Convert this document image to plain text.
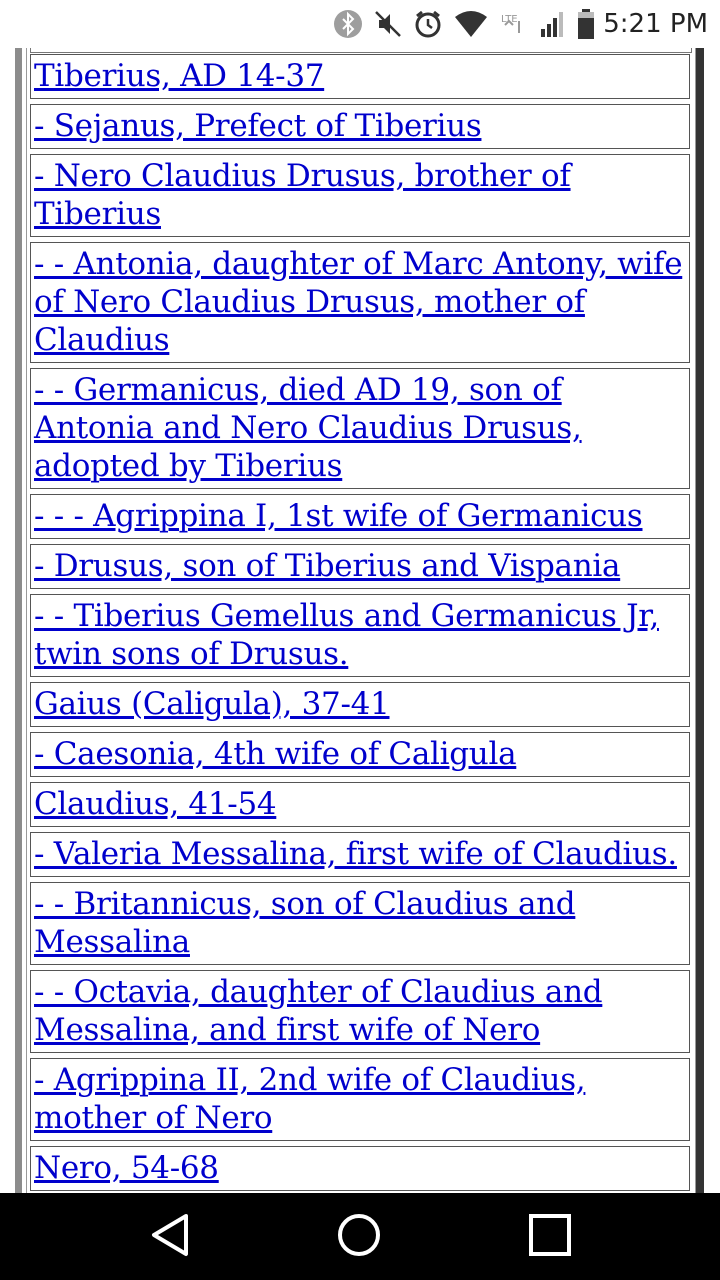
LTE	5:21 PM
Tiberius, AD 14-37
- Sejanus, Prefect of Tiberius
- Nero Claudius Drusus, brother of Tiberius
- - Antonia, daughter of Marc Antony, wife of Nero Claudius Drusus, mother of Claudius
- - Germanicus, died AD 19, son of Antonia and Nero Claudius Drusus, adopted by Tiberius
- - - Agrippina I, 1st wife of Germanicus
- Drusus, son of Tiberius and Vispania
- - Tiberius Gemellus and Germanicus Jr, twin sons of Drusus.
Gaius (Caligula), 37-41
- Caesonia, 4th wife of Caligula
Claudius, 41-54
- Valeria Messalina, first wife of Claudius.
- - Britannicus, son of Claudius and Messalina
- - Octavia, daughter of Claudius and Messalina, and first wife of Nero
- Agrippina II, 2nd wife of Claudius, mother of Nero
Nero, 54-68
